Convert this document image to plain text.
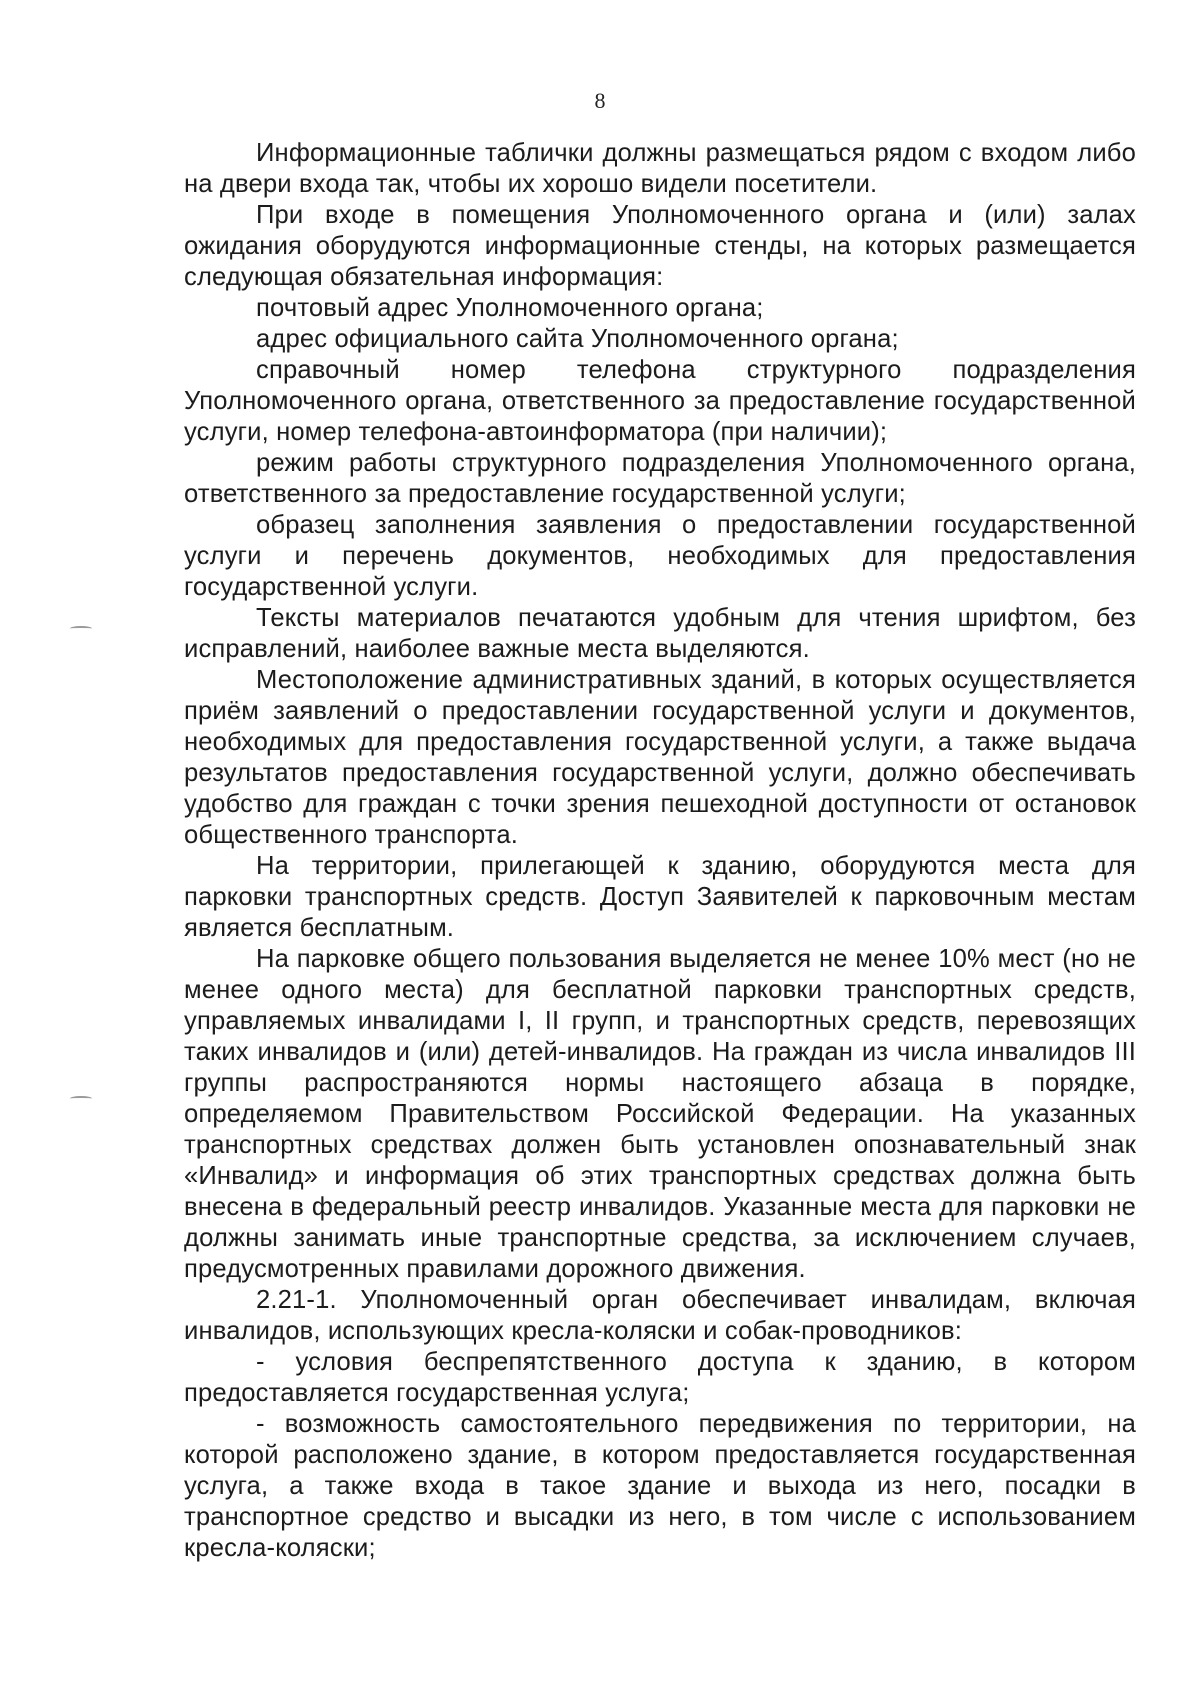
8

Информационные таблички должны размещаться рядом с входом либо на двери входа так, чтобы их хорошо видели посетители.

При входе в помещения Уполномоченного органа и (или) залах ожидания оборудуются информационные стенды, на которых размещается следующая обязательная информация:

почтовый адрес Уполномоченного органа;

адрес официального сайта Уполномоченного органа;

справочный номер телефона структурного подразделения Уполномоченного органа, ответственного за предоставление государственной услуги, номер телефона-автоинформатора (при наличии);

режим работы структурного подразделения Уполномоченного органа, ответственного за предоставление государственной услуги;

образец заполнения заявления о предоставлении государственной услуги и перечень документов, необходимых для предоставления государственной услуги.

Тексты материалов печатаются удобным для чтения шрифтом, без исправлений, наиболее важные места выделяются.

Местоположение административных зданий, в которых осуществляется приём заявлений о предоставлении государственной услуги и документов, необходимых для предоставления государственной услуги, а также выдача результатов предоставления государственной услуги, должно обеспечивать удобство для граждан с точки зрения пешеходной доступности от остановок общественного транспорта.

На территории, прилегающей к зданию, оборудуются места для парковки транспортных средств. Доступ Заявителей к парковочным местам является бесплатным.

На парковке общего пользования выделяется не менее 10% мест (но не менее одного места) для бесплатной парковки транспортных средств, управляемых инвалидами I, II групп, и транспортных средств, перевозящих таких инвалидов и (или) детей-инвалидов. На граждан из числа инвалидов III группы распространяются нормы настоящего абзаца в порядке, определяемом Правительством Российской Федерации. На указанных транспортных средствах должен быть установлен опознавательный знак «Инвалид» и информация об этих транспортных средствах должна быть внесена в федеральный реестр инвалидов. Указанные места для парковки не должны занимать иные транспортные средства, за исключением случаев, предусмотренных правилами дорожного движения.

2.21-1. Уполномоченный орган обеспечивает инвалидам, включая инвалидов, использующих кресла-коляски и собак-проводников:

- условия беспрепятственного доступа к зданию, в котором предоставляется государственная услуга;

- возможность самостоятельного передвижения по территории, на которой расположено здание, в котором предоставляется государственная услуга, а также входа в такое здание и выхода из него, посадки в транспортное средство и высадки из него, в том числе с использованием кресла-коляски;
